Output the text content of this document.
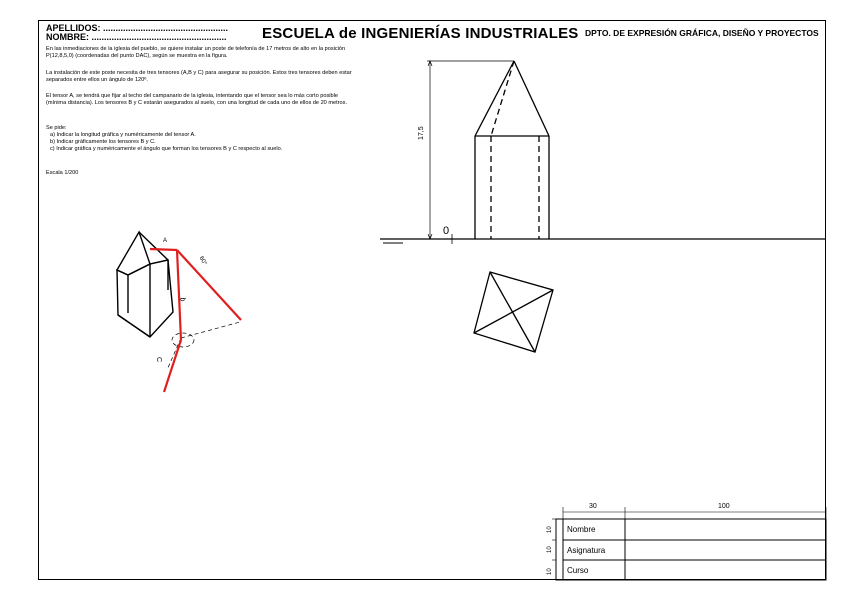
APELLIDOS: ..................................................
NOMBRE: ...................................................... ESCUELA de INGENIERÍAS INDUSTRIALES DPTO. DE EXPRESIÓN GRÁFICA, DISEÑO Y PROYECTOS
En las inmediaciones de la iglesia del pueblo, se quiere instalar un poste de telefonía de 17 metros de alto en la posición P(12,8,5,0) (coordenadas del punto DAC), según se muestra en la figura.
La instalación de este poste necesita de tres tensores (A,B y C) para asegurar su posición. Estos tres tensores deben estar separados entre ellos un ángulo de 120º.
El tensor A, se tendrá que fijar al techo del campanario de la iglesia, intentando que el tensor sea lo más corto posible (mínima distancia). Los tensores B y C estarán asegurados al suelo, con una longitud de cada uno de ellos de 20 metros.
Se pide:
a) Indicar la longitud gráfica y numéricamente del tensor A.
b) Indicar gráficamente los tensores B y C.
c) Indicar gráfica y numéricamente el ángulo que forman los tensores B y C respecto al suelo.
Escala 1/200
17,5
0
A
60°
b
C
30	100
10
10
10
Nombre
Asignatura
Curso
